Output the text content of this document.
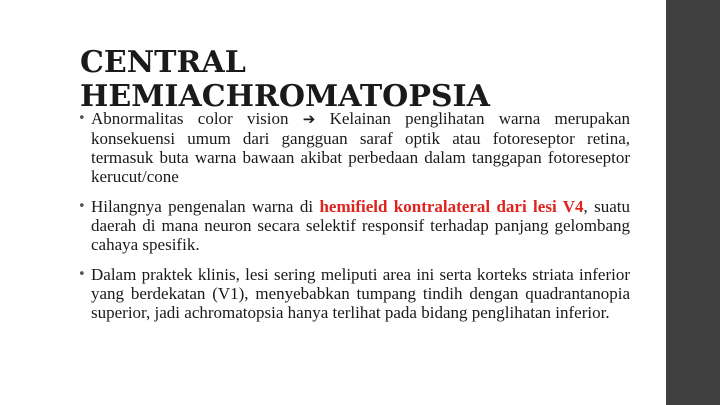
CENTRAL
HEMIACHROMATOPSIA
• Abnormalitas color vision ➔ Kelainan penglihatan warna merupakan konsekuensi umum dari gangguan saraf optik atau fotoreseptor retina, termasuk buta warna bawaan akibat perbedaan dalam tanggapan fotoreseptor kerucut/cone
• Hilangnya pengenalan warna di hemifield kontralateral dari lesi V4, suatu daerah di mana neuron secara selektif responsif terhadap panjang gelombang cahaya spesifik.
• Dalam praktek klinis, lesi sering meliputi area ini serta korteks striata inferior yang berdekatan (V1), menyebabkan tumpang tindih dengan quadrantanopia superior, jadi achromatopsia hanya terlihat pada bidang penglihatan inferior.
